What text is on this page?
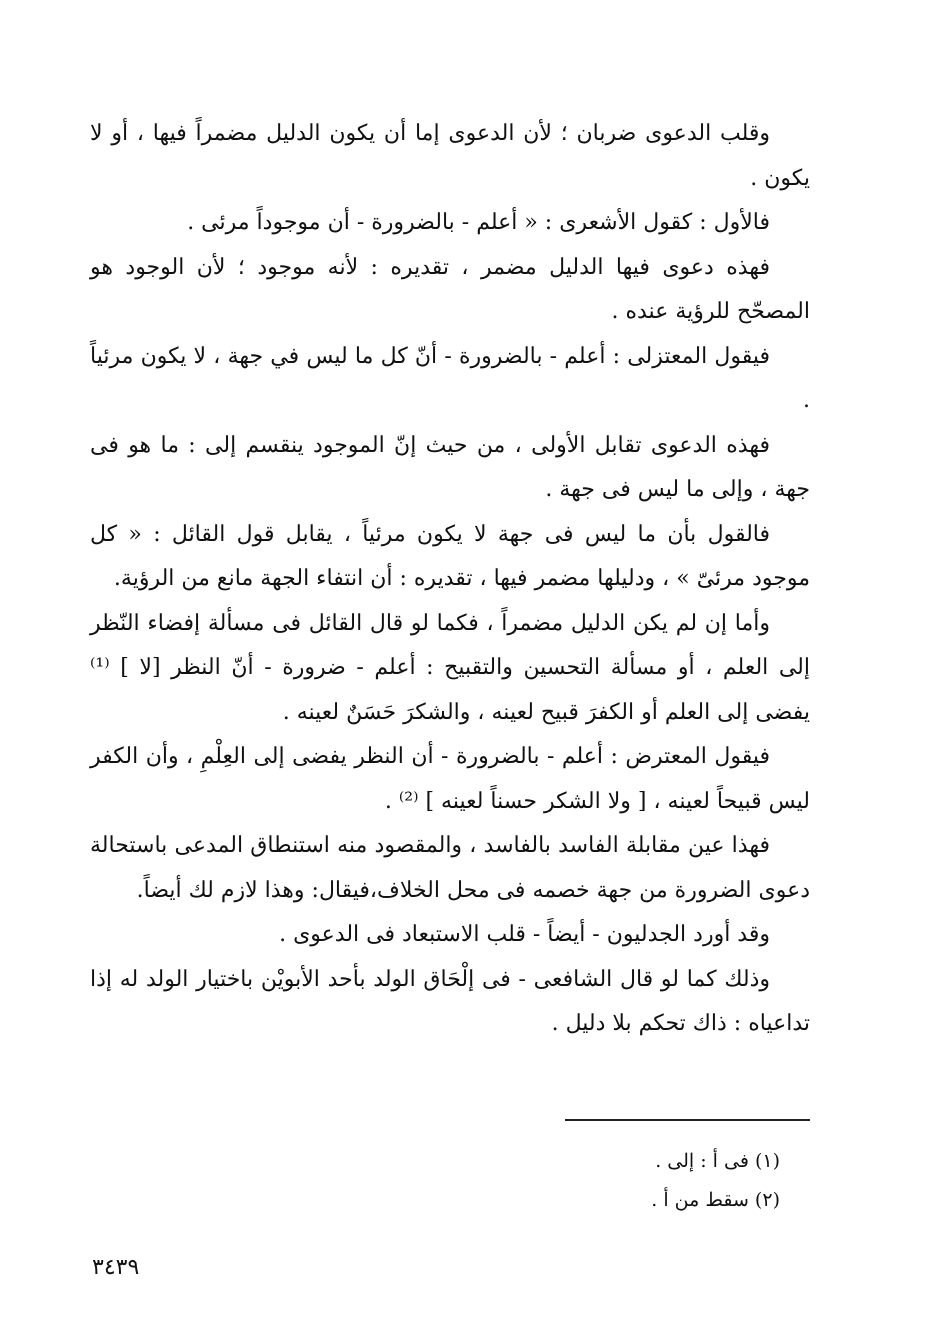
وقلب الدعوى ضربان ؛ لأن الدعوى إما أن يكون الدليل مضمراً فيها ، أو لا يكون .

فالأول : كقول الأشعرى : « أعلم - بالضرورة - أن موجوداً مرئى .

فهذه دعوى فيها الدليل مضمر ، تقديره : لأنه موجود ؛ لأن الوجود هو المصحّح للرؤية عنده .

فيقول المعتزلى : أعلم - بالضرورة - أنّ كل ما ليس في جهة ، لا يكون مرئياً .

فهذه الدعوى تقابل الأولى ، من حيث إنّ الموجود ينقسم إلى : ما هو فى جهة ، وإلى ما ليس فى جهة .

فالقول بأن ما ليس فى جهة لا يكون مرئياً ، يقابل قول القائل : « كل موجود مرئىّ » ، ودليلها مضمر فيها ، تقديره : أن انتفاء الجهة مانع من الرؤية.

وأما إن لم يكن الدليل مضمراً ، فكما لو قال القائل فى مسألة إفضاء النّظر إلى العلم ، أو مسألة التحسين والتقبيح : أعلم - ضرورة - أنّ النظر [لا ] ⁽¹⁾ يفضى إلى العلم أو الكفرَ قبيح لعينه ، والشكرَ حَسَنٌ لعينه .

فيقول المعترض : أعلم - بالضرورة - أن النظر يفضى إلى العِلْمِ ، وأن الكفر ليس قبيحاً لعينه ، [ ولا الشكر حسناً لعينه ] ⁽²⁾ .

فهذا عين مقابلة الفاسد بالفاسد ، والمقصود منه استنطاق المدعى باستحالة دعوى الضرورة من جهة خصمه فى محل الخلاف،فيقال: وهذا لازم لك أيضاً.

وقد أورد الجدليون - أيضاً - قلب الاستبعاد فى الدعوى .

وذلك كما لو قال الشافعى - فى إلْحَاق الولد بأحد الأبويْن باختيار الولد له إذا تداعياه : ذاك تحكم بلا دليل .

(١) فى أ : إلى .

(٢) سقط من أ .

٣٤٣٩
